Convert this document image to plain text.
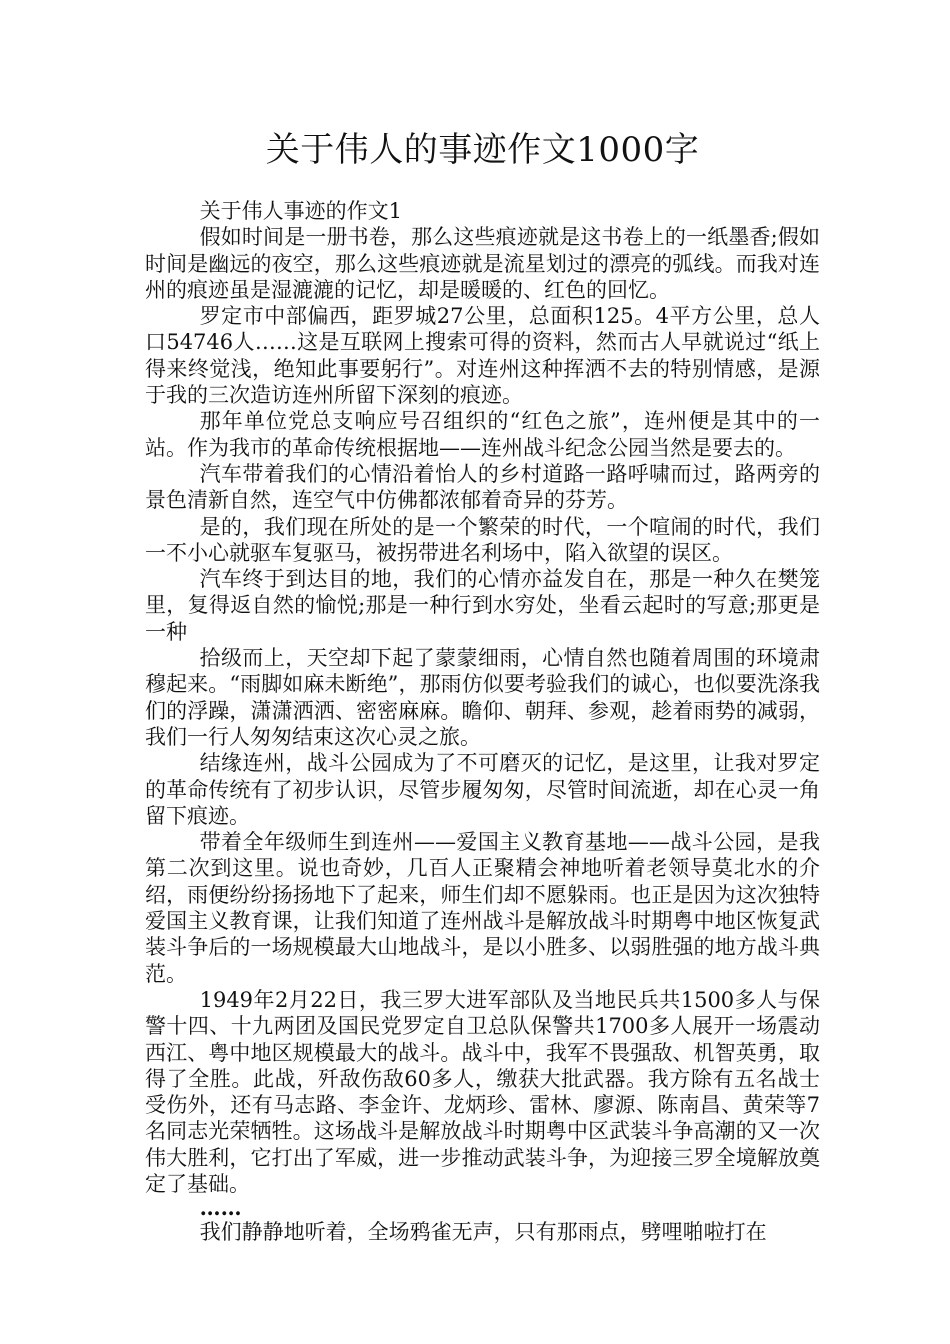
关于伟人的事迹作文1000字

关于伟人事迹的作文1

假如时间是一册书卷，那么这些痕迹就是这书卷上的一纸墨香;假如时间是幽远的夜空，那么这些痕迹就是流星划过的漂亮的弧线。而我对连州的痕迹虽是湿漉漉的记忆，却是暖暖的、红色的回忆。

罗定市中部偏西，距罗城27公里，总面积125。4平方公里，总人口54746人……这是互联网上搜索可得的资料，然而古人早就说过“纸上得来终觉浅，绝知此事要躬行”。对连州这种挥洒不去的特别情感，是源于我的三次造访连州所留下深刻的痕迹。

那年单位党总支响应号召组织的“红色之旅”，连州便是其中的一站。作为我市的革命传统根据地——连州战斗纪念公园当然是要去的。

汽车带着我们的心情沿着怡人的乡村道路一路呼啸而过，路两旁的景色清新自然，连空气中仿佛都浓郁着奇异的芬芳。

是的，我们现在所处的是一个繁荣的时代，一个喧闹的时代，我们一不小心就驱车复驱马，被拐带进名利场中，陷入欲望的误区。

汽车终于到达目的地，我们的心情亦益发自在，那是一种久在樊笼里，复得返自然的愉悦;那是一种行到水穷处，坐看云起时的写意;那更是一种

拾级而上，天空却下起了蒙蒙细雨，心情自然也随着周围的环境肃穆起来。“雨脚如麻未断绝”，那雨仿似要考验我们的诚心，也似要洗涤我们的浮躁，潇潇洒洒、密密麻麻。瞻仰、朝拜、参观，趁着雨势的减弱，我们一行人匆匆结束这次心灵之旅。

结缘连州，战斗公园成为了不可磨灭的记忆，是这里，让我对罗定的革命传统有了初步认识，尽管步履匆匆，尽管时间流逝，却在心灵一角留下痕迹。

带着全年级师生到连州——爱国主义教育基地——战斗公园，是我第二次到这里。说也奇妙，几百人正聚精会神地听着老领导莫北水的介绍，雨便纷纷扬扬地下了起来，师生们却不愿躲雨。也正是因为这次独特爱国主义教育课，让我们知道了连州战斗是解放战斗时期粤中地区恢复武装斗争后的一场规模最大山地战斗，是以小胜多、以弱胜强的地方战斗典范。

1949年2月22日，我三罗大进军部队及当地民兵共1500多人与保警十四、十九两团及国民党罗定自卫总队保警共1700多人展开一场震动西江、粤中地区规模最大的战斗。战斗中，我军不畏强敌、机智英勇，取得了全胜。此战，歼敌伤敌60多人，缴获大批武器。我方除有五名战士受伤外，还有马志路、李金许、龙炳珍、雷林、廖源、陈南昌、黄荣等7名同志光荣牺牲。这场战斗是解放战斗时期粤中区武装斗争高潮的又一次伟大胜利，它打出了军威，进一步推动武装斗争，为迎接三罗全境解放奠定了基础。

……

我们静静地听着，全场鸦雀无声，只有那雨点，劈哩啪啦打在
